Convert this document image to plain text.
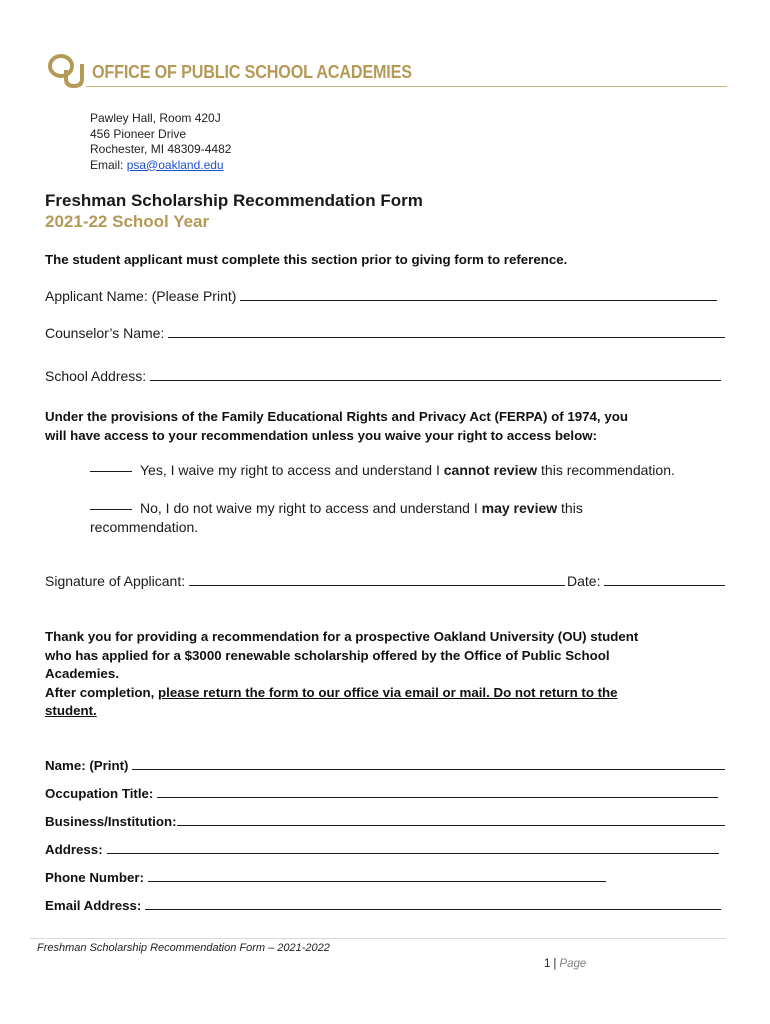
OFFICE OF PUBLIC SCHOOL ACADEMIES
Pawley Hall, Room 420J
456 Pioneer Drive
Rochester, MI 48309-4482
Email: psa@oakland.edu
Freshman Scholarship Recommendation Form
2021-22 School Year
The student applicant must complete this section prior to giving form to reference.
Applicant Name: (Please Print)
Counselor’s Name:
School Address:
Under the provisions of the Family Educational Rights and Privacy Act (FERPA) of 1974, you
will have access to your recommendation unless you waive your right to access below:
Yes, I waive my right to access and understand I cannot review this recommendation.
No, I do not waive my right to access and understand I may review this
recommendation.
Signature of Applicant:	Date:
Thank you for providing a recommendation for a prospective Oakland University (OU) student
who has applied for a $3000 renewable scholarship offered by the Office of Public School
Academies.
After completion, please return the form to our office via email or mail. Do not return to the
student.
Name: (Print)
Occupation Title:
Business/Institution:
Address:
Phone Number:
Email Address:
Freshman Scholarship Recommendation Form – 2021-2022
1 | Page
